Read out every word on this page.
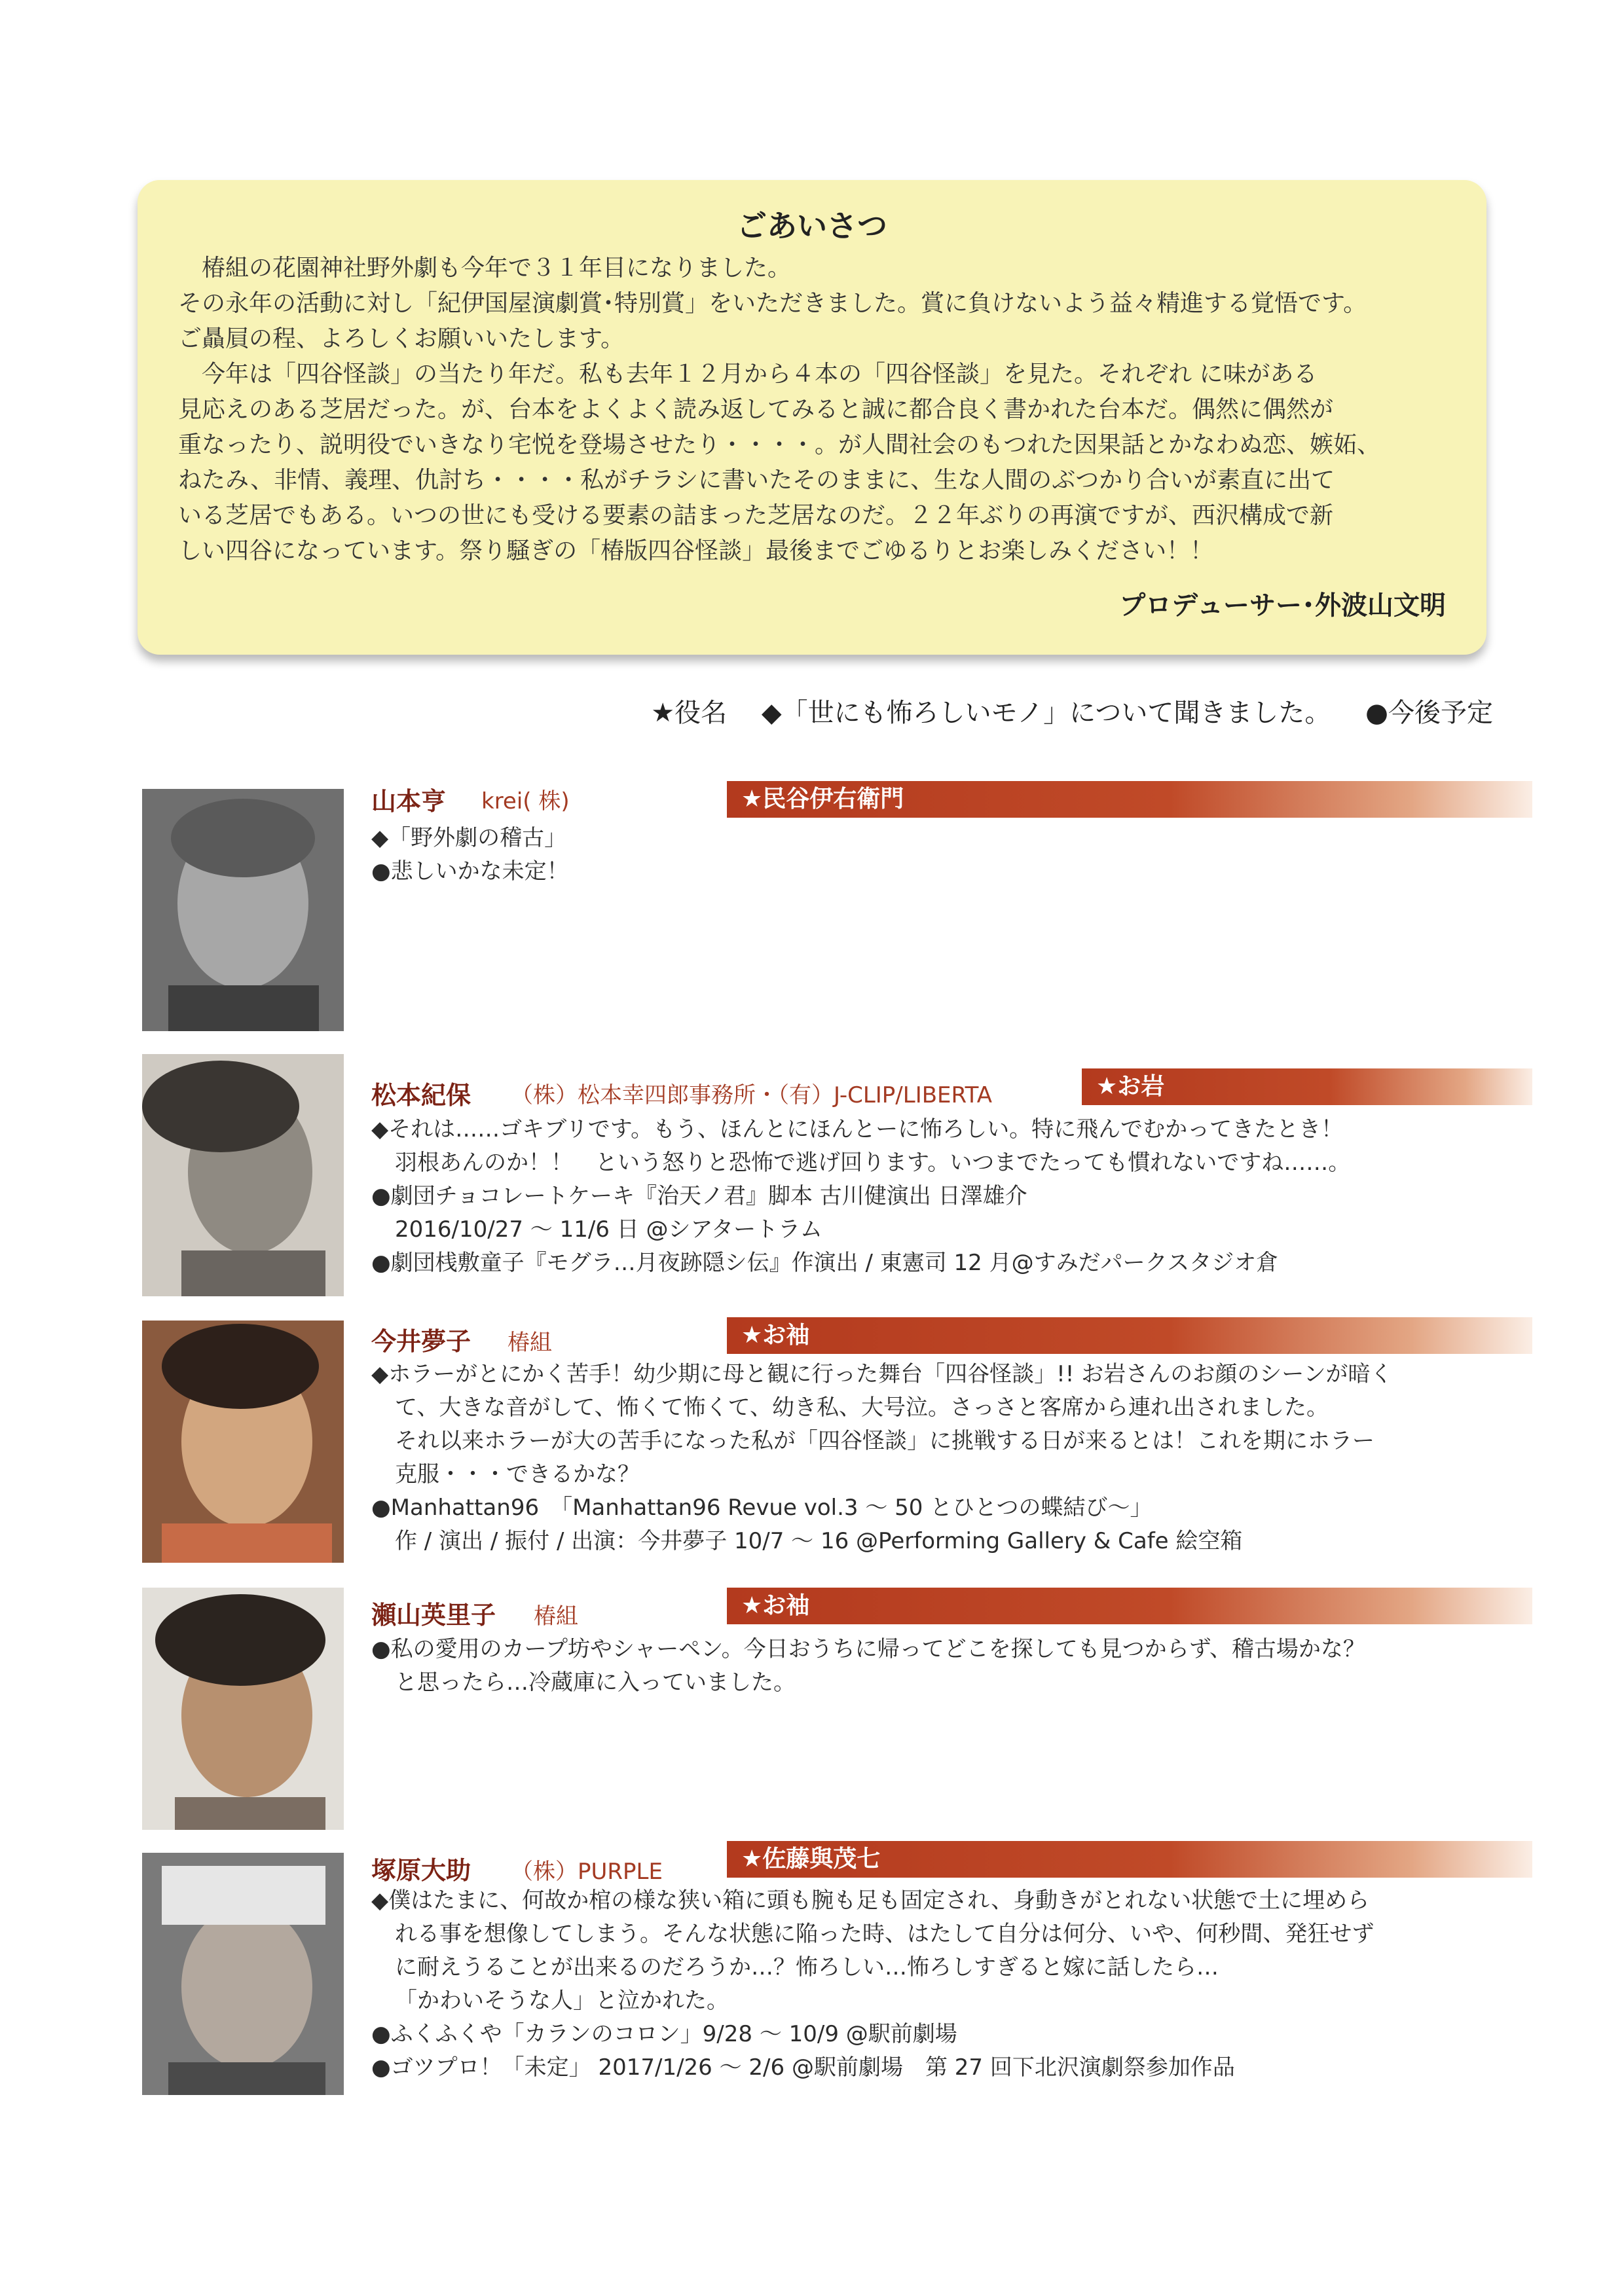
ごあいさつ

　椿組の花園神社野外劇も今年で３１年目になりました。

その永年の活動に対し「紀伊国屋演劇賞･特別賞」をいただきました。賞に負けないよう益々精進する覚悟です。

ご贔屓の程、よろしくお願いいたします。

　今年は「四谷怪談」の当たり年だ。私も去年１２月から４本の「四谷怪談」を見た。それぞれ に味がある

見応えのある芝居だった。が、台本をよくよく読み返してみると誠に都合良く書かれた台本だ。偶然に偶然が

重なったり、説明役でいきなり宅悦を登場させたり・・・・。が人間社会のもつれた因果話とかなわぬ恋、嫉妬、

ねたみ、非情、義理、仇討ち・・・・私がチラシに書いたそのままに、生な人間のぶつかり合いが素直に出て

いる芝居でもある。いつの世にも受ける要素の詰まった芝居なのだ。２２年ぶりの再演ですが、西沢構成で新

しい四谷になっています。祭り騒ぎの「椿版四谷怪談」最後までごゆるりとお楽しみください！！

プロデューサー･外波山文明
★役名 ◆「世にも怖ろしいモノ」について聞きました。 ●今後予定
山本亨 krei( 株)	★民谷伊右衛門
◆「野外劇の稽古」
●悲しいかな未定！
松本紀保 （株）松本幸四郎事務所・（有）J-CLIP/LIBERTA	★お岩
◆それは……ゴキブリです。もう、ほんとにほんとーに怖ろしい。特に飛んでむかってきたとき！
羽根あんのか！！　という怒りと恐怖で逃げ回ります。いつまでたっても慣れないですね……。
●劇団チョコレートケーキ『治天ノ君』脚本 古川健演出 日澤雄介
2016/10/27 ～ 11/6 日 @シアタートラム
●劇団桟敷童子『モグラ…月夜跡隠シ伝』作演出 / 東憲司 12 月@すみだパークスタジオ倉
今井夢子 椿組	★お袖
◆ホラーがとにかく苦手！幼少期に母と観に行った舞台「四谷怪談」!! お岩さんのお顔のシーンが暗く
て、大きな音がして、怖くて怖くて、幼き私、大号泣。さっさと客席から連れ出されました。
それ以来ホラーが大の苦手になった私が「四谷怪談」に挑戦する日が来るとは！これを期にホラー
克服・・・できるかな？
●Manhattan96　「Manhattan96 Revue vol.3 ～ 50 とひとつの蝶結び～」
作 / 演出 / 振付 / 出演：今井夢子 10/7 ～ 16 @Performing Gallery & Cafe 絵空箱
瀬山英里子 椿組	★お袖
●私の愛用のカープ坊やシャーペン。今日おうちに帰ってどこを探しても見つからず、稽古場かな？
と思ったら…冷蔵庫に入っていました。
塚原大助 （株）PURPLE	★佐藤與茂七
◆僕はたまに、何故か棺の様な狭い箱に頭も腕も足も固定され、身動きがとれない状態で土に埋めら
れる事を想像してしまう。そんな状態に陥った時、はたして自分は何分、いや、何秒間、発狂せず
に耐えうることが出来るのだろうか…？怖ろしい…怖ろしすぎると嫁に話したら…
「かわいそうな人」と泣かれた。
●ふくふくや「カランのコロン」9/28 ～ 10/9 @駅前劇場
●ゴツプロ！「未定」 2017/1/26 ～ 2/6 @駅前劇場　第 27 回下北沢演劇祭参加作品
